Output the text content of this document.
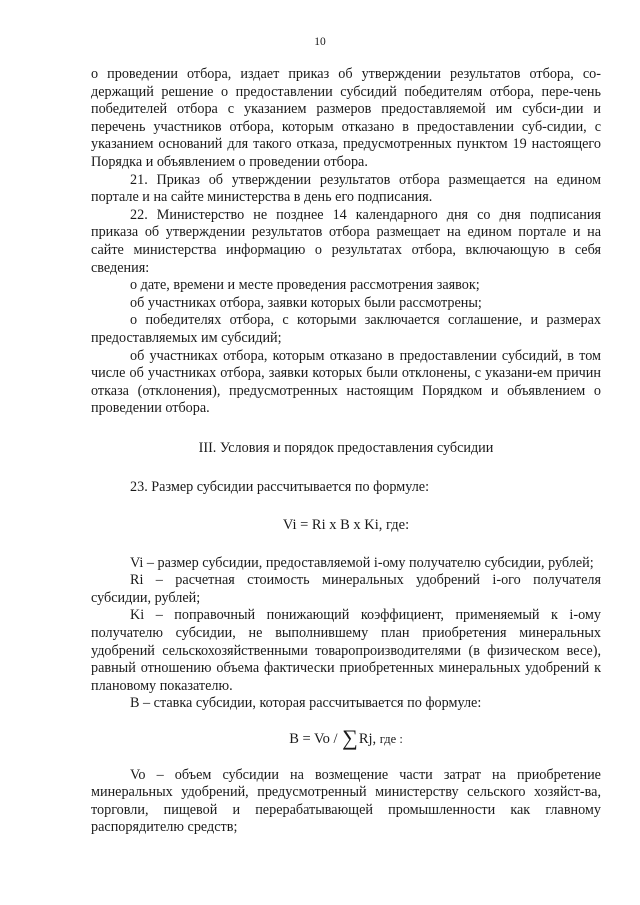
10

о проведении отбора, издает приказ об утверждении результатов отбора, со-держащий решение о предоставлении субсидий победителям отбора, пере-чень победителей отбора с указанием размеров предоставляемой им субси-дии и перечень участников отбора, которым отказано в предоставлении суб-сидии, с указанием оснований для такого отказа, предусмотренных пунктом 19 настоящего Порядка и объявлением о проведении отбора.

21. Приказ об утверждении результатов отбора размещается на едином портале и на сайте министерства в день его подписания.

22. Министерство не позднее 14 календарного дня со дня подписания приказа об утверждении результатов отбора размещает на едином портале и на сайте министерства информацию о результатах отбора, включающую в себя сведения:

о дате, времени и месте проведения рассмотрения заявок;

об участниках отбора, заявки которых были рассмотрены;

о победителях отбора, с которыми заключается соглашение, и размерах предоставляемых им субсидий;

об участниках отбора, которым отказано в предоставлении субсидий, в том числе об участниках отбора, заявки которых были отклонены, с указани-ем причин отказа (отклонения), предусмотренных настоящим Порядком и объявлением о проведении отбора.

III. Условия и порядок предоставления субсидии

23. Размер субсидии рассчитывается по формуле:

Vi = Ri x B x Ki, где:

Vi – размер субсидии, предоставляемой i-ому получателю субсидии, рублей;

Ri – расчетная стоимость минеральных удобрений i-ого получателя субсидии, рублей;

Ki – поправочный понижающий коэффициент, применяемый к i-ому получателю субсидии, не выполнившему план приобретения минеральных удобрений сельскохозяйственными товаропроизводителями (в физическом весе), равный отношению объема фактически приобретенных минеральных удобрений к плановому показателю.

B – ставка субсидии, которая рассчитывается по формуле:

B = Vo / ∑Rj, где :

Vo – объем субсидии на возмещение части затрат на приобретение минеральных удобрений, предусмотренный министерству сельского хозяйст-ва, торговли, пищевой и перерабатывающей промышленности как главному распорядителю средств;
